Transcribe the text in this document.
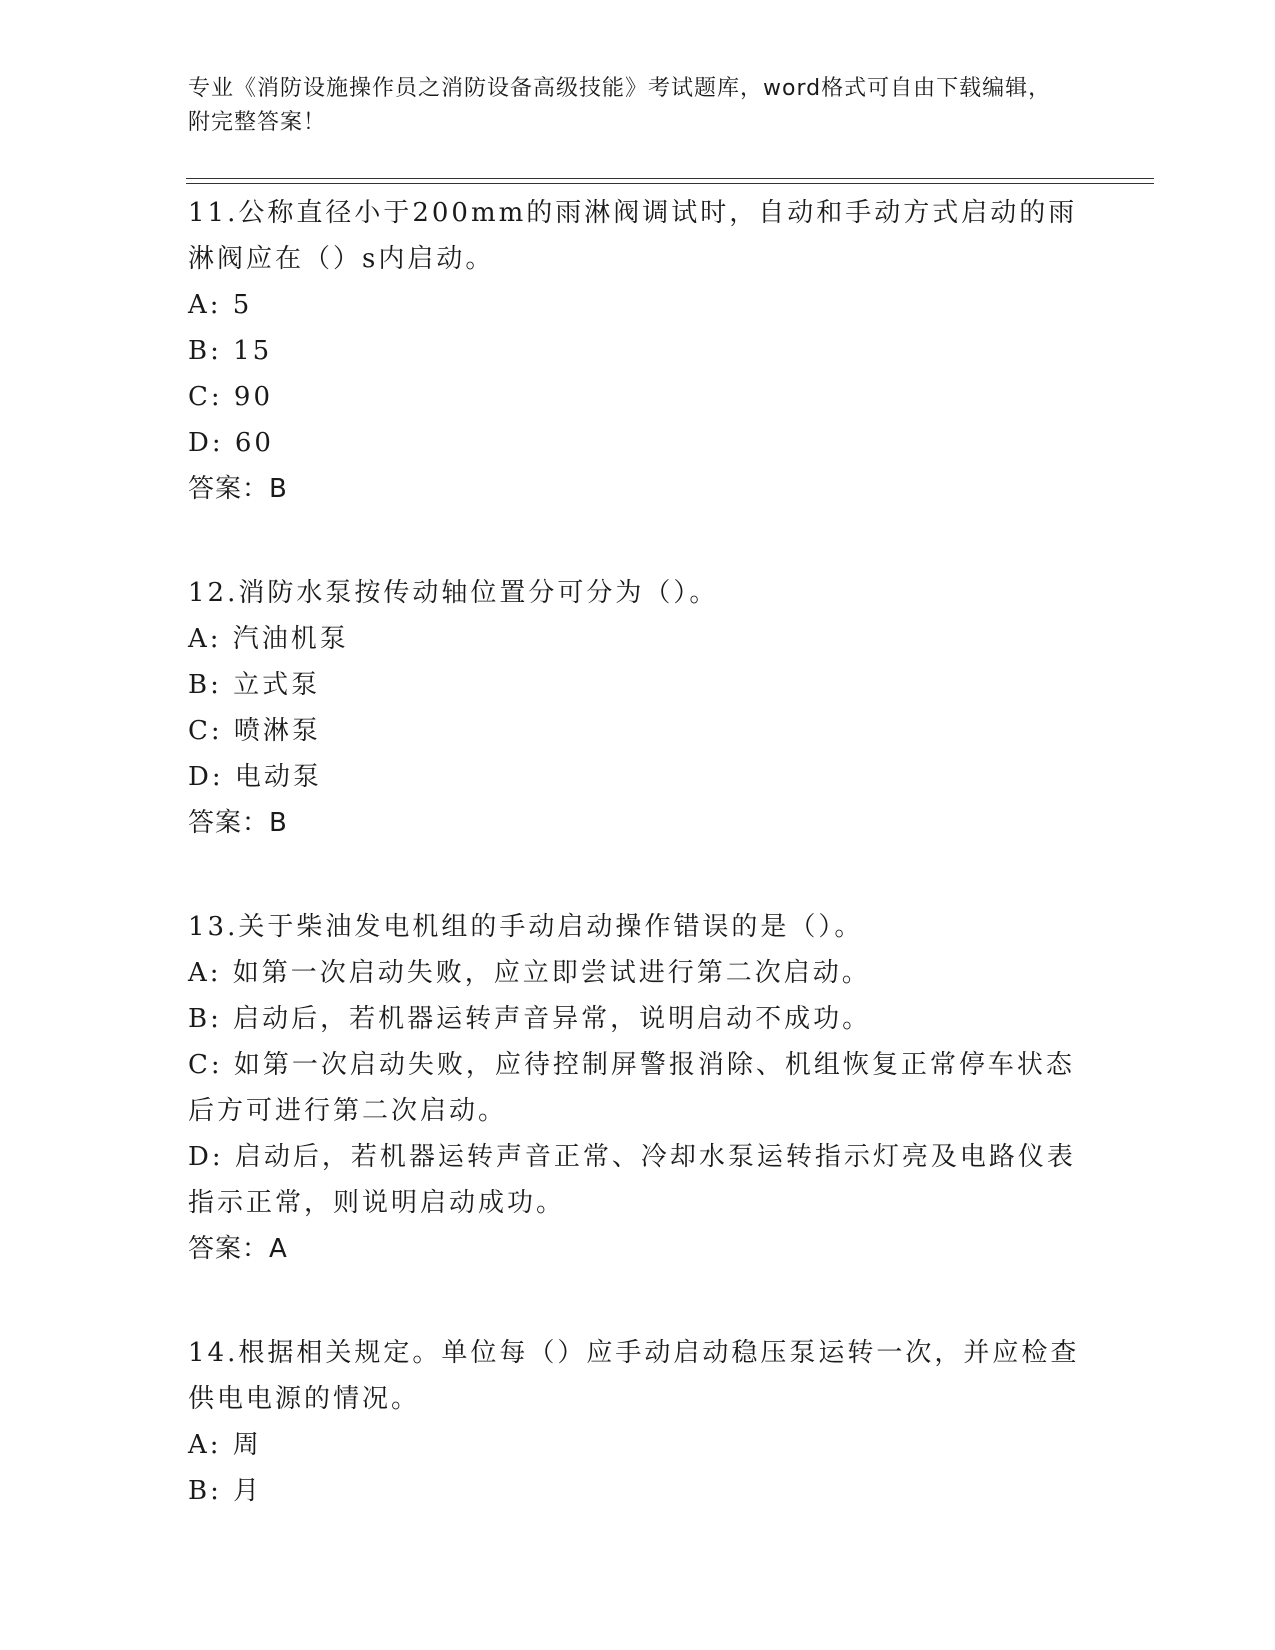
专业《消防设施操作员之消防设备高级技能》考试题库，word格式可自由下载编辑，附完整答案！

11.公称直径小于200mm的雨淋阀调试时，自动和手动方式启动的雨淋阀应在（）s内启动。

A: 5

B: 15

C: 90

D: 60

答案：B

12.消防水泵按传动轴位置分可分为（）。

A: 汽油机泵

B: 立式泵

C: 喷淋泵

D: 电动泵

答案：B

13.关于柴油发电机组的手动启动操作错误的是（）。

A: 如第一次启动失败，应立即尝试进行第二次启动。

B: 启动后，若机器运转声音异常，说明启动不成功。

C: 如第一次启动失败，应待控制屏警报消除、机组恢复正常停车状态后方可进行第二次启动。

D: 启动后，若机器运转声音正常、冷却水泵运转指示灯亮及电路仪表指示正常，则说明启动成功。

答案：A

14.根据相关规定。单位每（）应手动启动稳压泵运转一次，并应检查供电电源的情况。

A: 周

B: 月
